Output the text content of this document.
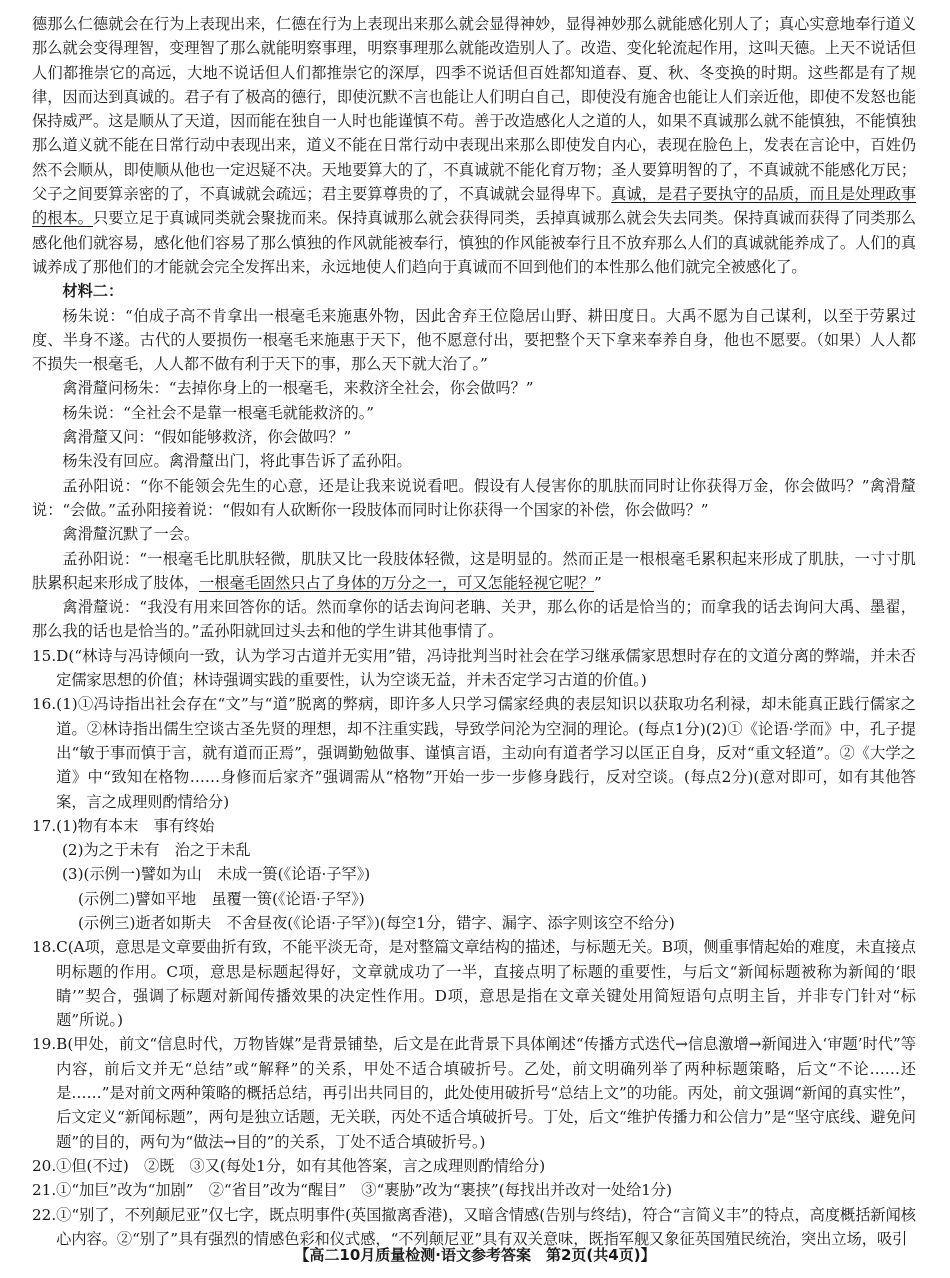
德那么仁德就会在行为上表现出来，仁德在行为上表现出来那么就会显得神妙，显得神妙那么就能感化别人了；真心实意地奉行道义那么就会变得理智，变理智了那么就能明察事理，明察事理那么就能改造别人了。改造、变化轮流起作用，这叫天德。上天不说话但人们都推崇它的高远，大地不说话但人们都推崇它的深厚，四季不说话但百姓都知道春、夏、秋、冬变换的时期。这些都是有了规律，因而达到真诚的。君子有了极高的德行，即使沉默不言也能让人们明白自己，即使没有施舍也能让人们亲近他，即使不发怒也能保持威严。这是顺从了天道，因而能在独自一人时也能谨慎不苟。善于改造感化人之道的人，如果不真诚那么就不能慎独，不能慎独那么道义就不能在日常行动中表现出来，道义不能在日常行动中表现出来那么即使发自内心，表现在脸色上，发表在言论中，百姓仍然不会顺从，即使顺从他也一定迟疑不决。天地要算大的了，不真诚就不能化育万物；圣人要算明智的了，不真诚就不能感化万民；父子之间要算亲密的了，不真诚就会疏远；君主要算尊贵的了，不真诚就会显得卑下。真诚，是君子要执守的品质，而且是处理政事的根本。只要立足于真诚同类就会聚拢而来。保持真诚那么就会获得同类，丢掉真诚那么就会失去同类。保持真诚而获得了同类那么感化他们就容易，感化他们容易了那么慎独的作风就能被奉行，慎独的作风能被奉行且不放弃那么人们的真诚就能养成了。人们的真诚养成了那他们的才能就会完全发挥出来，永远地使人们趋向于真诚而不回到他们的本性那么他们就完全被感化了。

材料二：

杨朱说：“伯成子高不肯拿出一根毫毛来施惠外物，因此舍弃王位隐居山野、耕田度日。大禹不愿为自己谋利，以至于劳累过度、半身不遂。古代的人要损伤一根毫毛来施惠于天下，他不愿意付出，要把整个天下拿来奉养自身，他也不愿要。（如果）人人都不损失一根毫毛，人人都不做有利于天下的事，那么天下就大治了。”

禽滑釐问杨朱：“去掉你身上的一根毫毛，来救济全社会，你会做吗？”

杨朱说：“全社会不是靠一根毫毛就能救济的。”

禽滑釐又问：“假如能够救济，你会做吗？”

杨朱没有回应。禽滑釐出门，将此事告诉了孟孙阳。

孟孙阳说：“你不能领会先生的心意，还是让我来说说看吧。假设有人侵害你的肌肤而同时让你获得万金，你会做吗？”禽滑釐说：“会做。”孟孙阳接着说：“假如有人砍断你一段肢体而同时让你获得一个国家的补偿，你会做吗？”

禽滑釐沉默了一会。

孟孙阳说：“一根毫毛比肌肤轻微，肌肤又比一段肢体轻微，这是明显的。然而正是一根根毫毛累积起来形成了肌肤，一寸寸肌肤累积起来形成了肢体，一根毫毛固然只占了身体的万分之一，可又怎能轻视它呢？”

禽滑釐说：“我没有用来回答你的话。然而拿你的话去询问老聃、关尹，那么你的话是恰当的；而拿我的话去询问大禹、墨翟，那么我的话也是恰当的。”孟孙阳就回过头去和他的学生讲其他事情了。

15. D(“林诗与冯诗倾向一致，认为学习古道并无实用”错，冯诗批判当时社会在学习继承儒家思想时存在的文道分离的弊端，并未否定儒家思想的价值；林诗强调实践的重要性，认为空谈无益，并未否定学习古道的价值。)
16. (1)①冯诗指出社会存在“文”与“道”脱离的弊病，即许多人只学习儒家经典的表层知识以获取功名利禄，却未能真正践行儒家之道。②林诗指出儒生空谈古圣先贤的理想，却不注重实践，导致学问沦为空洞的理论。(每点1分)(2)①《论语·学而》中，孔子提出“敏于事而慎于言，就有道而正焉”，强调勤勉做事、谨慎言语，主动向有道者学习以匡正自身，反对“重文轻道”。②《大学之道》中“致知在格物……身修而后家齐”强调需从“格物”开始一步一步修身践行，反对空谈。(每点2分)(意对即可，如有其他答案，言之成理则酌情给分)
17. (1)物有本末　事有终始

(2)为之于未有　治之于未乱

(3)(示例一)譬如为山　未成一篑(《论语·子罕》)

(示例二)譬如平地　虽覆一篑(《论语·子罕》)

(示例三)逝者如斯夫　不舍昼夜(《论语·子罕》)(每空1分，错字、漏字、添字则该空不给分)

18. C(A项，意思是文章要曲折有致，不能平淡无奇，是对整篇文章结构的描述，与标题无关。B项，侧重事情起始的难度，未直接点明标题的作用。C项，意思是标题起得好，文章就成功了一半，直接点明了标题的重要性，与后文“新闻标题被称为新闻的‘眼睛’”契合，强调了标题对新闻传播效果的决定性作用。D项，意思是指在文章关键处用简短语句点明主旨，并非专门针对“标题”所说。)
19. B(甲处，前文“信息时代，万物皆媒”是背景铺垫，后文是在此背景下具体阐述“传播方式迭代→信息激增→新闻进入‘审题’时代”等内容，前后文并无“总结”或“解释”的关系，甲处不适合填破折号。乙处，前文明确列举了两种标题策略，后文“不论……还是……”是对前文两种策略的概括总结，再引出共同目的，此处使用破折号“总结上文”的功能。丙处，前文强调“新闻的真实性”，后文定义“新闻标题”，两句是独立话题，无关联，丙处不适合填破折号。丁处，后文“维护传播力和公信力”是“坚守底线、避免问题”的目的，两句为“做法→目的”的关系，丁处不适合填破折号。)
20. ①但(不过)　②既　③又(每处1分，如有其他答案，言之成理则酌情给分)
21. ①“加巨”改为“加剧”　②“省目”改为“醒目”　③“裹胁”改为“裹挟”(每找出并改对一处给1分)
22. ①“别了，不列颠尼亚”仅七字，既点明事件(英国撤离香港)，又暗含情感(告别与终结)，符合“言简义丰”的特点，高度概括新闻核心内容。②“别了”具有强烈的情感色彩和仪式感，“不列颠尼亚”具有双关意味，既指军舰又象征英国殖民统治，突出立场，吸引
【高二10月质量检测·语文参考答案　第2页(共4页)】
